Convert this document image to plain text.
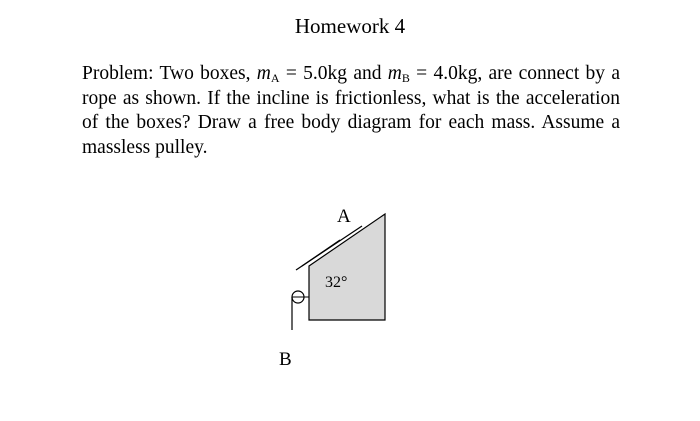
Homework 4
Problem: Two boxes, $m_A = 5.0kg$ and $m_B = 4.0kg$, are connect by a rope as shown. If the incline is frictionless, what is the acceleration of the boxes? Draw a free body diagram for each mass. Assume a massless pulley.
A
32°
B
